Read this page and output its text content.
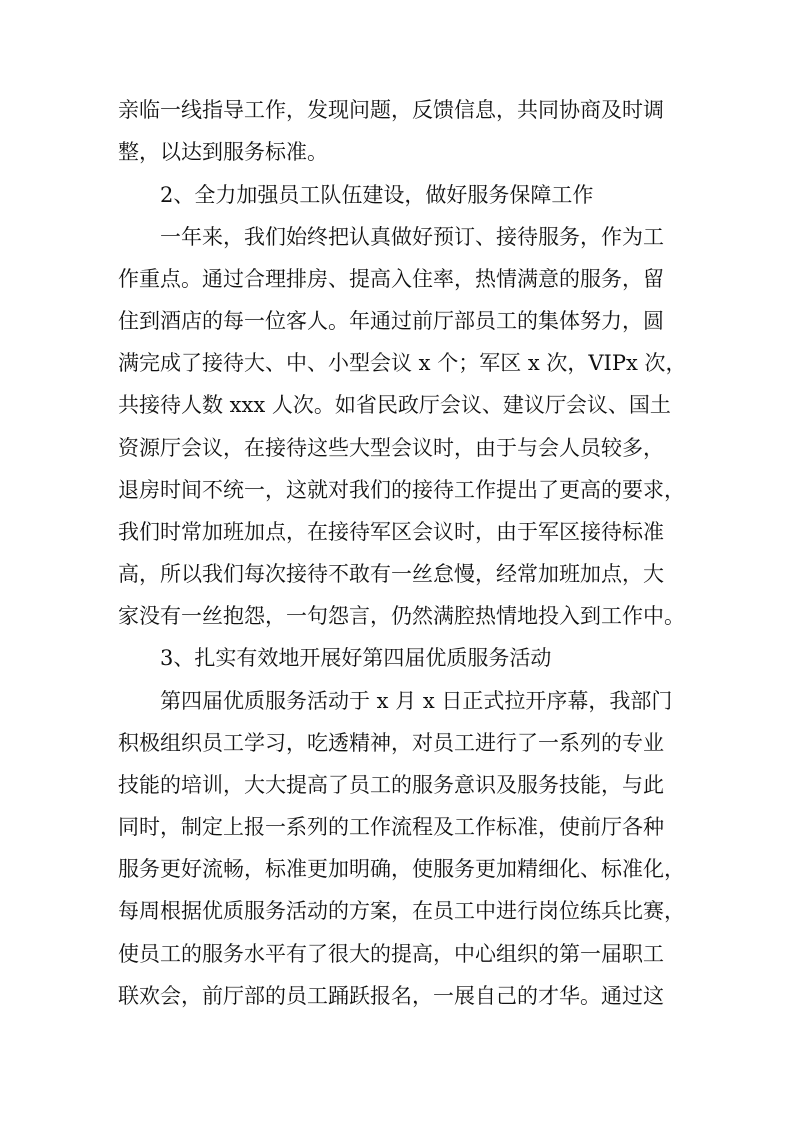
亲临一线指导工作，发现问题，反馈信息，共同协商及时调
整，以达到服务标准。
2、全力加强员工队伍建设，做好服务保障工作
一年来，我们始终把认真做好预订、接待服务，作为工
作重点。通过合理排房、提高入住率，热情满意的服务，留
住到酒店的每一位客人。年通过前厅部员工的集体努力，圆
满完成了接待大、中、小型会议 x 个；军区 x 次，VIPx 次，
共接待人数 xxx 人次。如省民政厅会议、建议厅会议、国土
资源厅会议，在接待这些大型会议时，由于与会人员较多，
退房时间不统一，这就对我们的接待工作提出了更高的要求，
我们时常加班加点，在接待军区会议时，由于军区接待标准
高，所以我们每次接待不敢有一丝怠慢，经常加班加点，大
家没有一丝抱怨，一句怨言，仍然满腔热情地投入到工作中。
3、扎实有效地开展好第四届优质服务活动
第四届优质服务活动于 x 月 x 日正式拉开序幕，我部门
积极组织员工学习，吃透精神，对员工进行了一系列的专业
技能的培训，大大提高了员工的服务意识及服务技能，与此
同时，制定上报一系列的工作流程及工作标准，使前厅各种
服务更好流畅，标准更加明确，使服务更加精细化、标准化，
每周根据优质服务活动的方案，在员工中进行岗位练兵比赛，
使员工的服务水平有了很大的提高，中心组织的第一届职工
联欢会，前厅部的员工踊跃报名，一展自己的才华。通过这
